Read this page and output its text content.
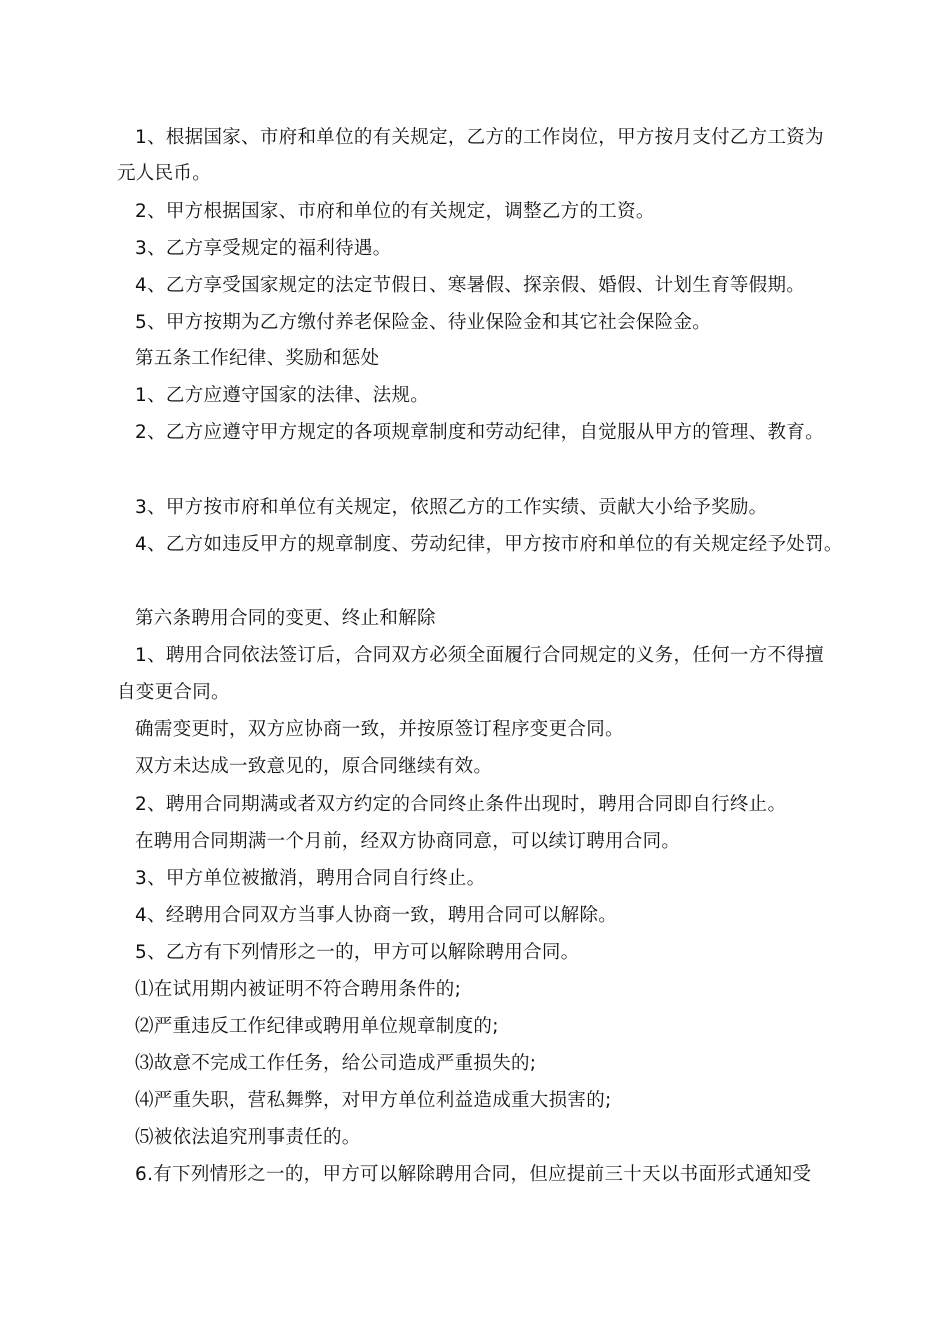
1、根据国家、市府和单位的有关规定，乙方的工作岗位，甲方按月支付乙方工资为
元人民币。
2、甲方根据国家、市府和单位的有关规定，调整乙方的工资。
3、乙方享受规定的福利待遇。
4、乙方享受国家规定的法定节假日、寒暑假、探亲假、婚假、计划生育等假期。
5、甲方按期为乙方缴付养老保险金、待业保险金和其它社会保险金。
第五条工作纪律、奖励和惩处
1、乙方应遵守国家的法律、法规。
2、乙方应遵守甲方规定的各项规章制度和劳动纪律，自觉服从甲方的管理、教育。
3、甲方按市府和单位有关规定，依照乙方的工作实绩、贡献大小给予奖励。
4、乙方如违反甲方的规章制度、劳动纪律，甲方按市府和单位的有关规定经予处罚。
第六条聘用合同的变更、终止和解除
1、聘用合同依法签订后，合同双方必须全面履行合同规定的义务，任何一方不得擅
自变更合同。
确需变更时，双方应协商一致，并按原签订程序变更合同。
双方未达成一致意见的，原合同继续有效。
2、聘用合同期满或者双方约定的合同终止条件出现时，聘用合同即自行终止。
在聘用合同期满一个月前，经双方协商同意，可以续订聘用合同。
3、甲方单位被撤消，聘用合同自行终止。
4、经聘用合同双方当事人协商一致，聘用合同可以解除。
5、乙方有下列情形之一的，甲方可以解除聘用合同。
⑴在试用期内被证明不符合聘用条件的;
⑵严重违反工作纪律或聘用单位规章制度的;
⑶故意不完成工作任务，给公司造成严重损失的;
⑷严重失职，营私舞弊，对甲方单位利益造成重大损害的;
⑸被依法追究刑事责任的。
6.有下列情形之一的，甲方可以解除聘用合同，但应提前三十天以书面形式通知受
